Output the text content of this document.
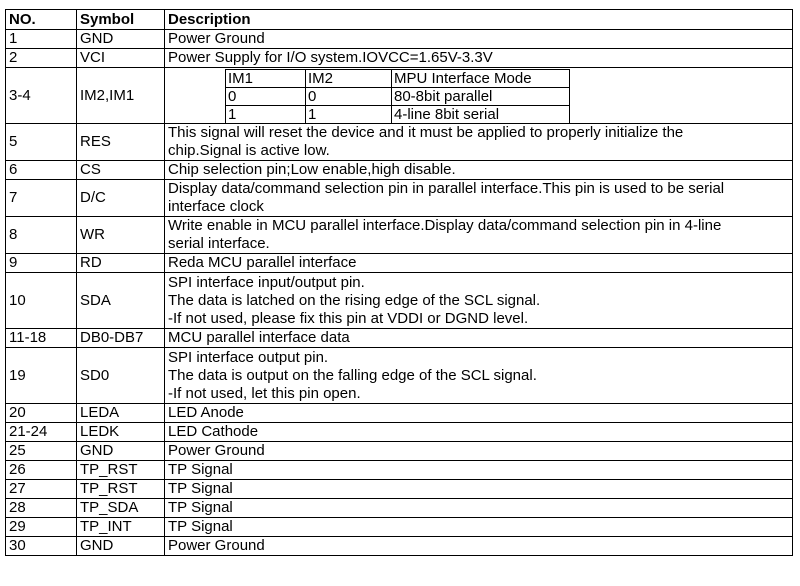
NO.	Symbol	Description
1	GND	Power Ground

2	VCI	Power Supply for I/O system.IOVCC=1.65V-3.3V

3-4	IM2,IM1	
IM1	IM2	MPU Interface Mode
0	0	80-8bit parallel
1	1	4-line 8bit serial

5	RES	
This signal will reset the device and it must be applied to properly initialize the
chip.Signal is active low.

6	CS	Chip selection pin;Low enable,high disable.

7	D/C	
Display data/command selection pin in parallel interface.This pin is used to be serial
interface clock

8	WR	
Write enable in MCU parallel interface.Display data/command selection pin in 4-line
serial interface.

9	RD	Reda MCU parallel interface

10	SDA	
SPI interface input/output pin.
The data is latched on the rising edge of the SCL signal.
-If not used, please fix this pin at VDDI or DGND level.

11-18	DB0-DB7	MCU parallel interface data

19	SD0	
SPI interface output pin.
The data is output on the falling edge of the SCL signal.
-If not used, let this pin open.

20	LEDA	LED Anode

21-24	LEDK	LED Cathode

25	GND	Power Ground

26	TP_RST	TP Signal

27	TP_RST	TP Signal

28	TP_SDA	TP Signal

29	TP_INT	TP Signal

30	GND	Power Ground
